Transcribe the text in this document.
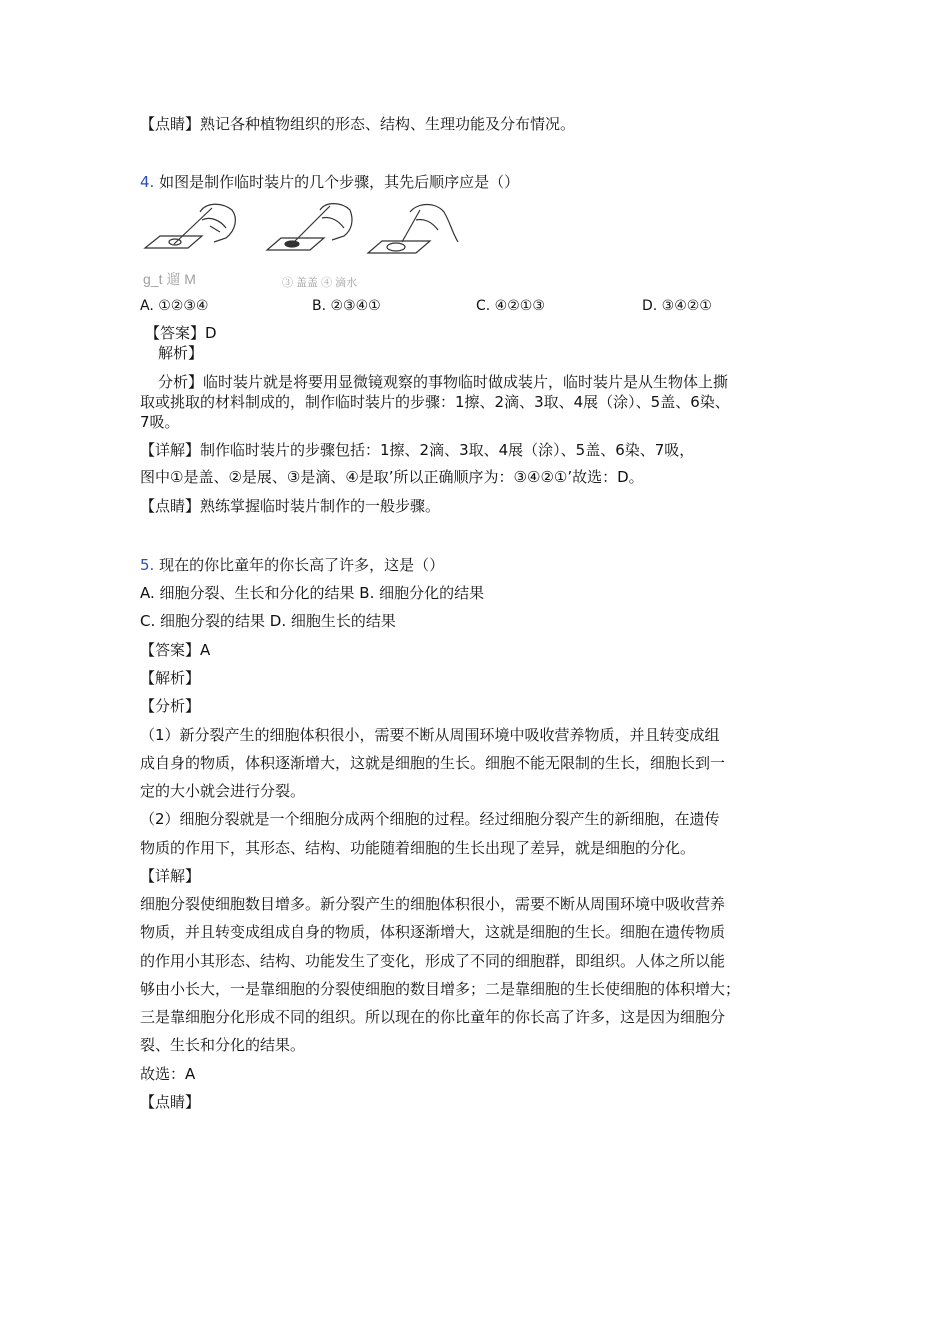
【点睛】熟记各种植物组织的形态、结构、生理功能及分布情况。
4. 如图是制作临时装片的几个步骤，其先后顺序应是（）
g_t 遛 M	③ 盖盖 ④ 滴水
A. ①②③④	B. ②③④①	C. ④②①③	D. ③④②①
【答案】D
解析】
分析】临时装片就是将要用显微镜观察的事物临时做成装片，临时装片是从生物体上撕
取或挑取的材料制成的，制作临时装片的步骤：1擦、2滴、3取、4展（涂）、5盖、6染、
7吸。
【详解】制作临时装片的步骤包括：1擦、2滴、3取、4展（涂）、5盖、6染、7吸，
图中①是盖、②是展、③是滴、④是取’所以正确顺序为：③④②①’故选：D。
【点睛】熟练掌握临时装片制作的一般步骤。
5. 现在的你比童年的你长高了许多，这是（）
A. 细胞分裂、生长和分化的结果 B. 细胞分化的结果
C. 细胞分裂的结果 D. 细胞生长的结果
【答案】A
【解析】
【分析】
（1）新分裂产生的细胞体积很小，需要不断从周围环境中吸收营养物质，并且转变成组
成自身的物质，体积逐渐增大，这就是细胞的生长。细胞不能无限制的生长，细胞长到一
定的大小就会进行分裂。
（2）细胞分裂就是一个细胞分成两个细胞的过程。经过细胞分裂产生的新细胞，在遗传
物质的作用下，其形态、结构、功能随着细胞的生长出现了差异，就是细胞的分化。
【详解】
细胞分裂使细胞数目增多。新分裂产生的细胞体积很小，需要不断从周围环境中吸收营养
物质，并且转变成组成自身的物质，体积逐渐增大，这就是细胞的生长。细胞在遗传物质
的作用小其形态、结构、功能发生了变化，形成了不同的细胞群，即组织。人体之所以能
够由小长大，一是靠细胞的分裂使细胞的数目增多；二是靠细胞的生长使细胞的体积增大；
三是靠细胞分化形成不同的组织。所以现在的你比童年的你长高了许多，这是因为细胞分
裂、生长和分化的结果。
故选：A
【点睛】
